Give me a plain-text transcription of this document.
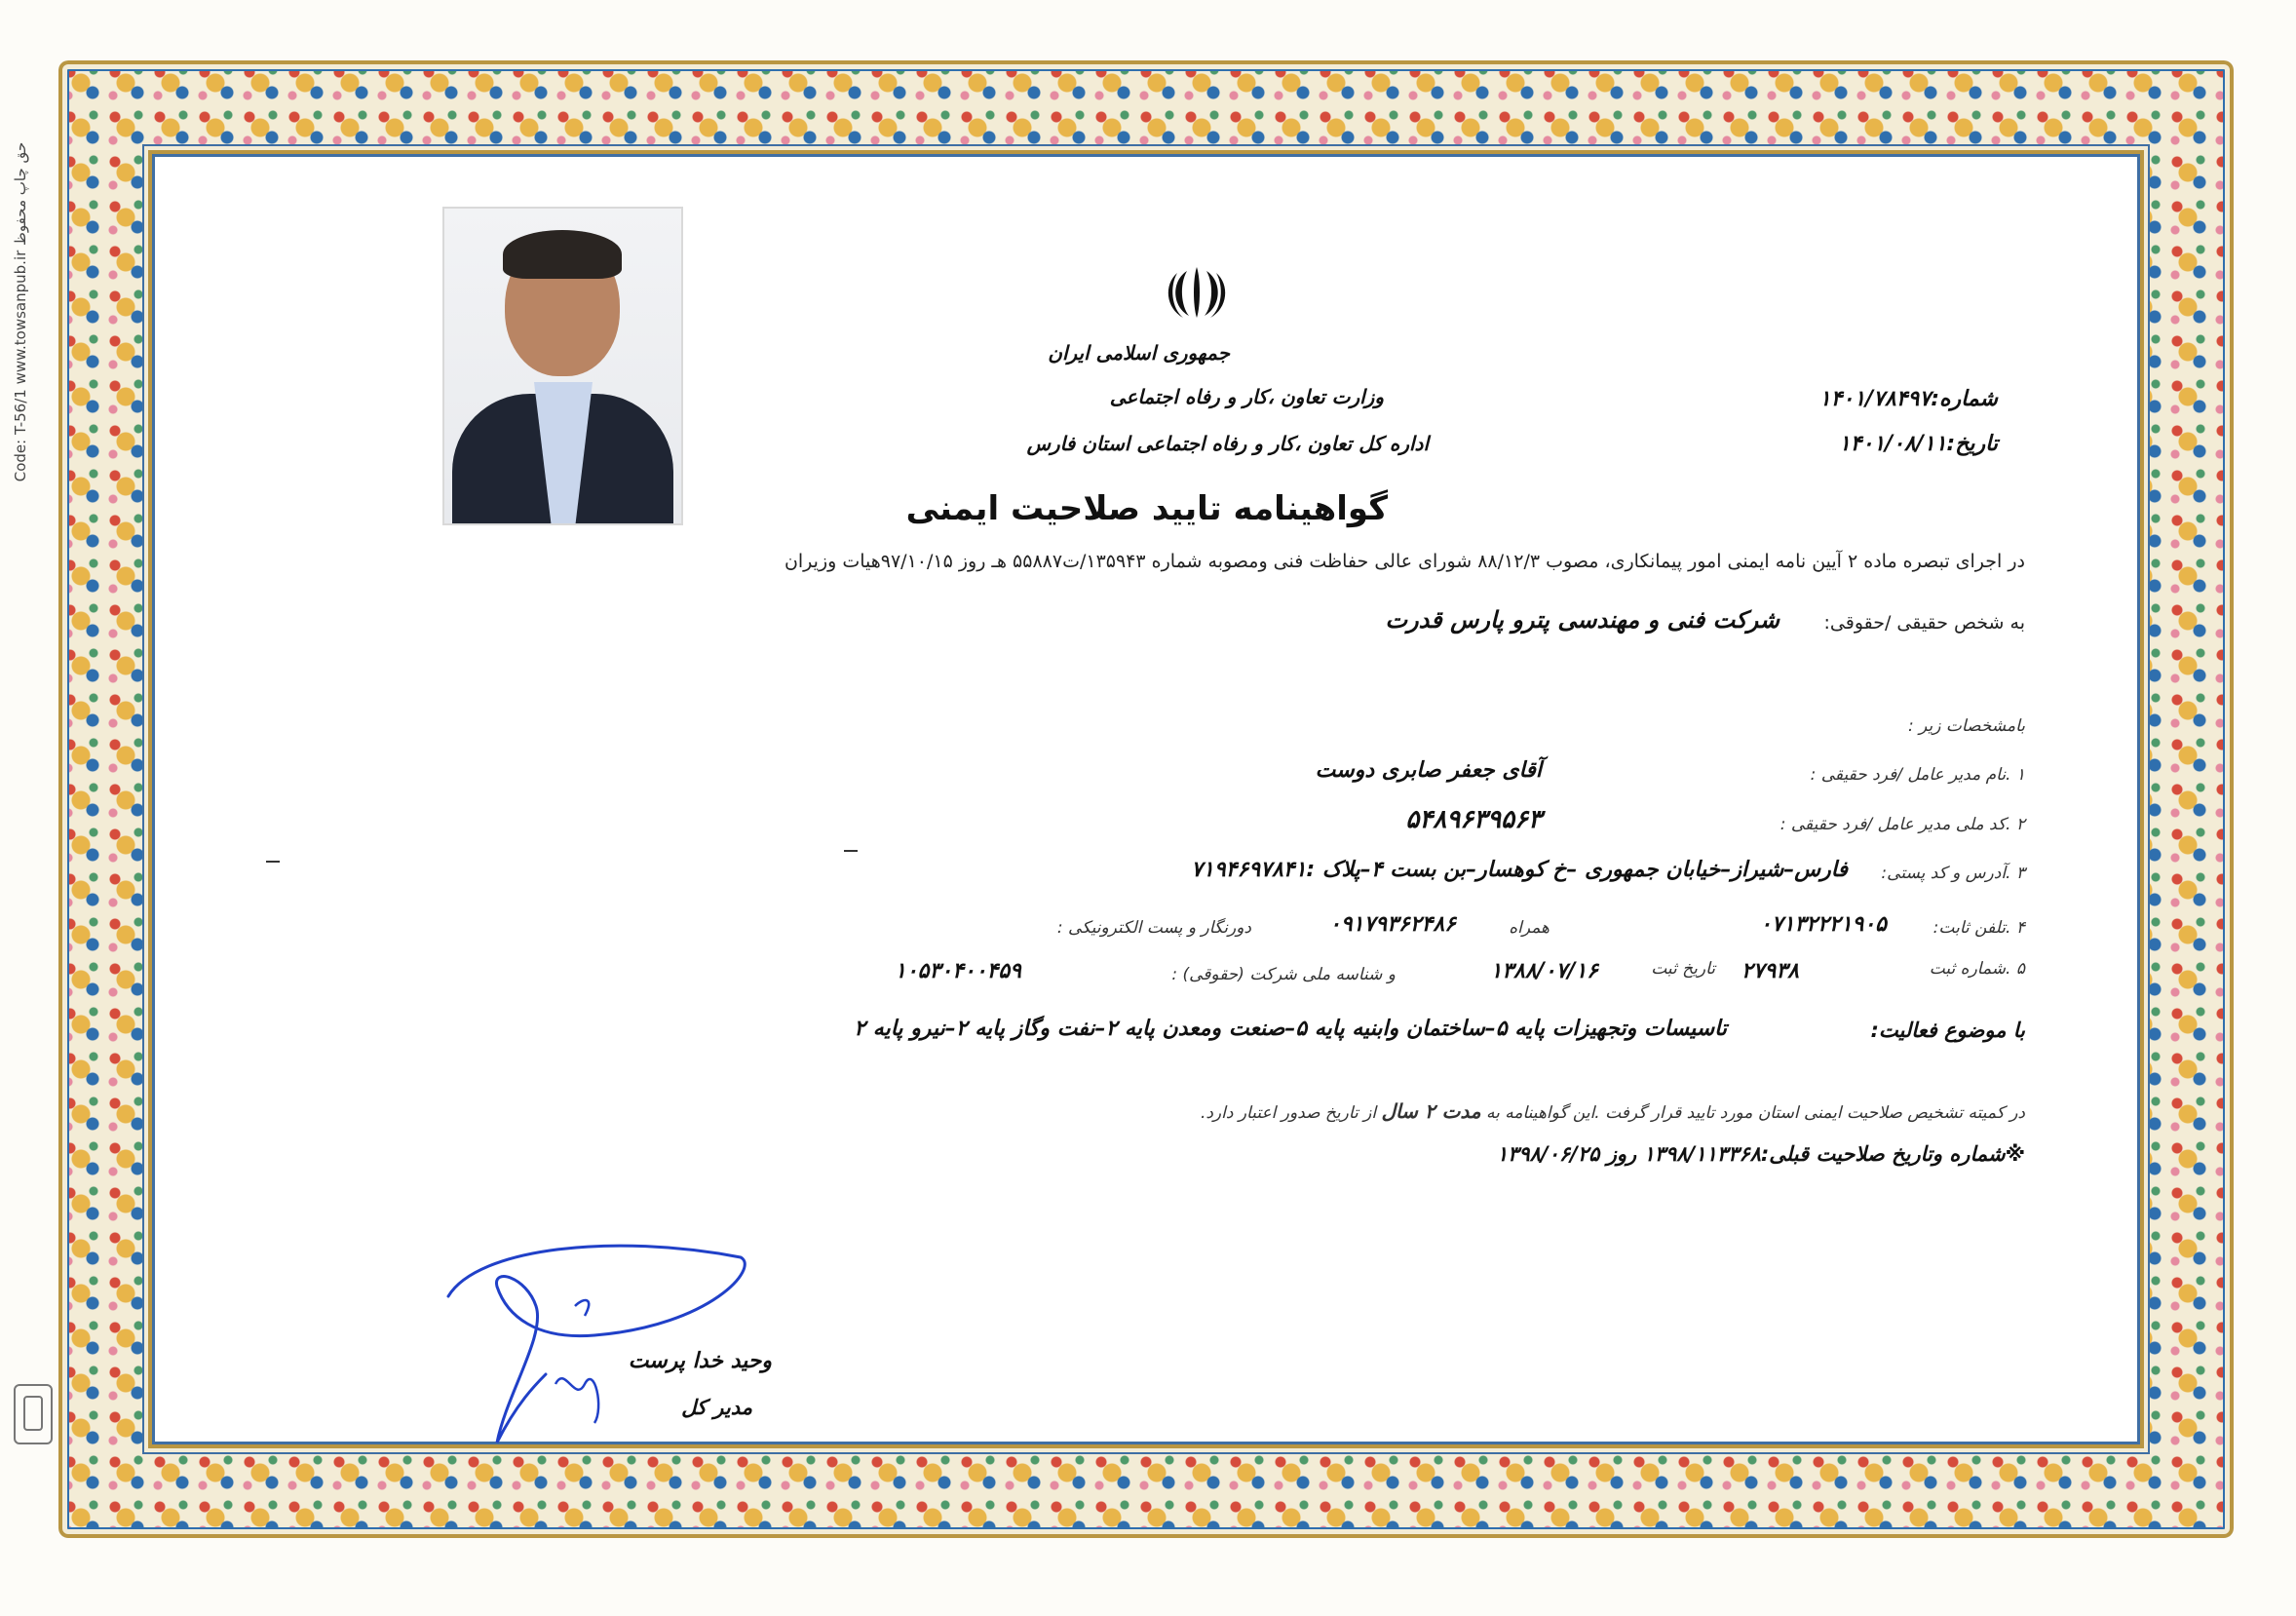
Code: T-56/1 www.towsanpub.ir حق چاپ محفوظ
جمهوری اسلامی ایران
وزارت تعاون ،کار و رفاه اجتماعی
اداره کل تعاون ،کار و رفاه اجتماعی استان فارس
شماره:۱۴۰۱/۷۸۴۹۷
تاریخ:۱۴۰۱/۰۸/۱۱
گواهینامه تایید صلاحیت ایمنی
در اجرای تبصره ماده ۲ آیین نامه ایمنی امور پیمانکاری، مصوب ۸۸/۱۲/۳ شورای عالی حفاظت فنی ومصوبه شماره ۱۳۵۹۴۳/ت۵۵۸۸۷ هـ روز ۹۷/۱۰/۱۵هیات وزیران
به شخص حقیقی /حقوقی:
شرکت فنی و مهندسی پترو پارس قدرت
بامشخصات زیر :
۱ .نام مدیر عامل /فرد حقیقی :
آقای جعفر صابری دوست
۲ .کد ملی مدیر عامل /فرد حقیقی :
۵۴۸۹۶۳۹۵۶۳
۳ .آدرس و کد پستی:
فارس–شیراز–خیابان جمهوری –خ کوهسار–بن بست ۴–پلاک :۷۱۹۴۶۹۷۸۴۱
۴ .تلفن ثابت:
۰۷۱۳۲۲۲۱۹۰۵
همراه
۰۹۱۷۹۳۶۲۴۸۶
دورنگار و پست الکترونیکی :
۵ .شماره ثبت
۲۷۹۳۸
تاریخ ثبت
۱۳۸۸/۰۷/۱۶
و شناسه ملی شرکت (حقوقی) :
۱۰۵۳۰۴۰۰۴۵۹
با موضوع فعالیت:
تاسیسات وتجهیزات پایه ۵–ساختمان وابنیه پایه ۵–صنعت ومعدن پایه ۲–نفت وگاز پایه ۲–نیرو پایه ۲
در کمیته تشخیص صلاحیت ایمنی استان مورد تایید قرار گرفت .این گواهینامه به مدت ۲ سال از تاریخ صدور اعتبار دارد.
※شماره وتاریخ صلاحیت قبلی:۱۳۹۸/۱۱۳۳۶۸ روز ۱۳۹۸/۰۶/۲۵
وحید خدا پرست
مدیر کل
